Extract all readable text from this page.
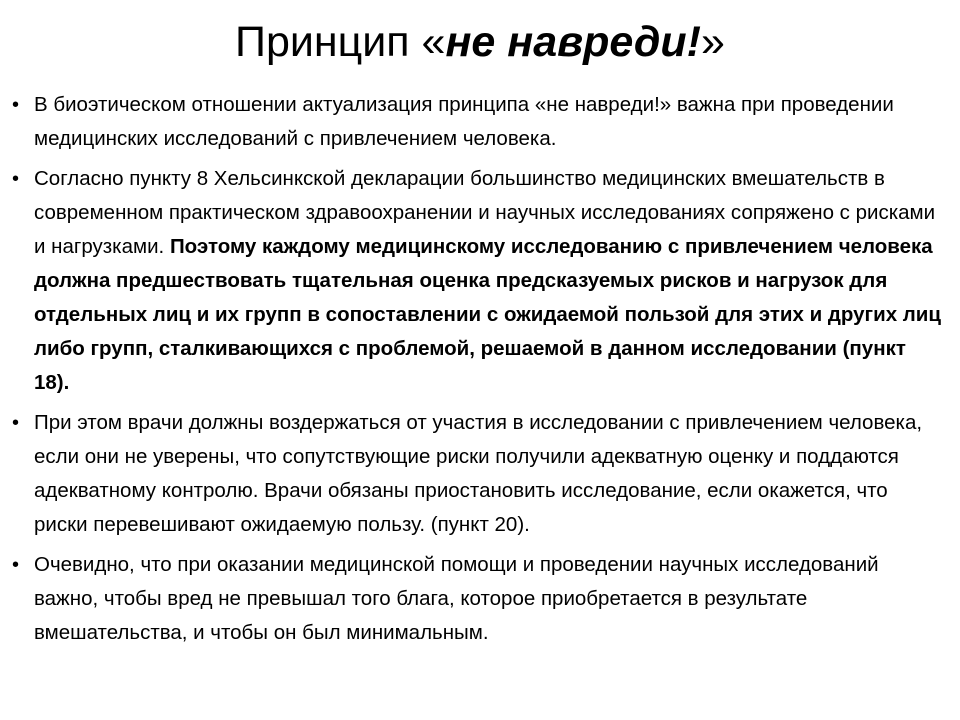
Принцип «не навреди!»
• В биоэтическом отношении актуализация принципа «не навреди!» важна при проведении медицинских исследований с привлечением человека.
• Согласно пункту 8 Хельсинкской декларации большинство медицинских вмешательств в современном практическом здравоохранении и научных исследованиях сопряжено с рисками и нагрузками. Поэтому каждому медицинскому исследованию с привлечением человека должна предшествовать тщательная оценка предсказуемых рисков и нагрузок для отдельных лиц и их групп в сопоставлении с ожидаемой пользой для этих и других лиц либо групп, сталкивающихся с проблемой, решаемой в данном исследовании (пункт 18).
• При этом врачи должны воздержаться от участия в исследовании с привлечением человека, если они не уверены, что сопутствующие риски получили адекватную оценку и поддаются адекватному контролю. Врачи обязаны приостановить исследование, если окажется, что риски перевешивают ожидаемую пользу. (пункт 20).
• Очевидно, что при оказании медицинской помощи и проведении научных исследований важно, чтобы вред не превышал того блага, которое приобретается в результате вмешательства, и чтобы он был минимальным.
